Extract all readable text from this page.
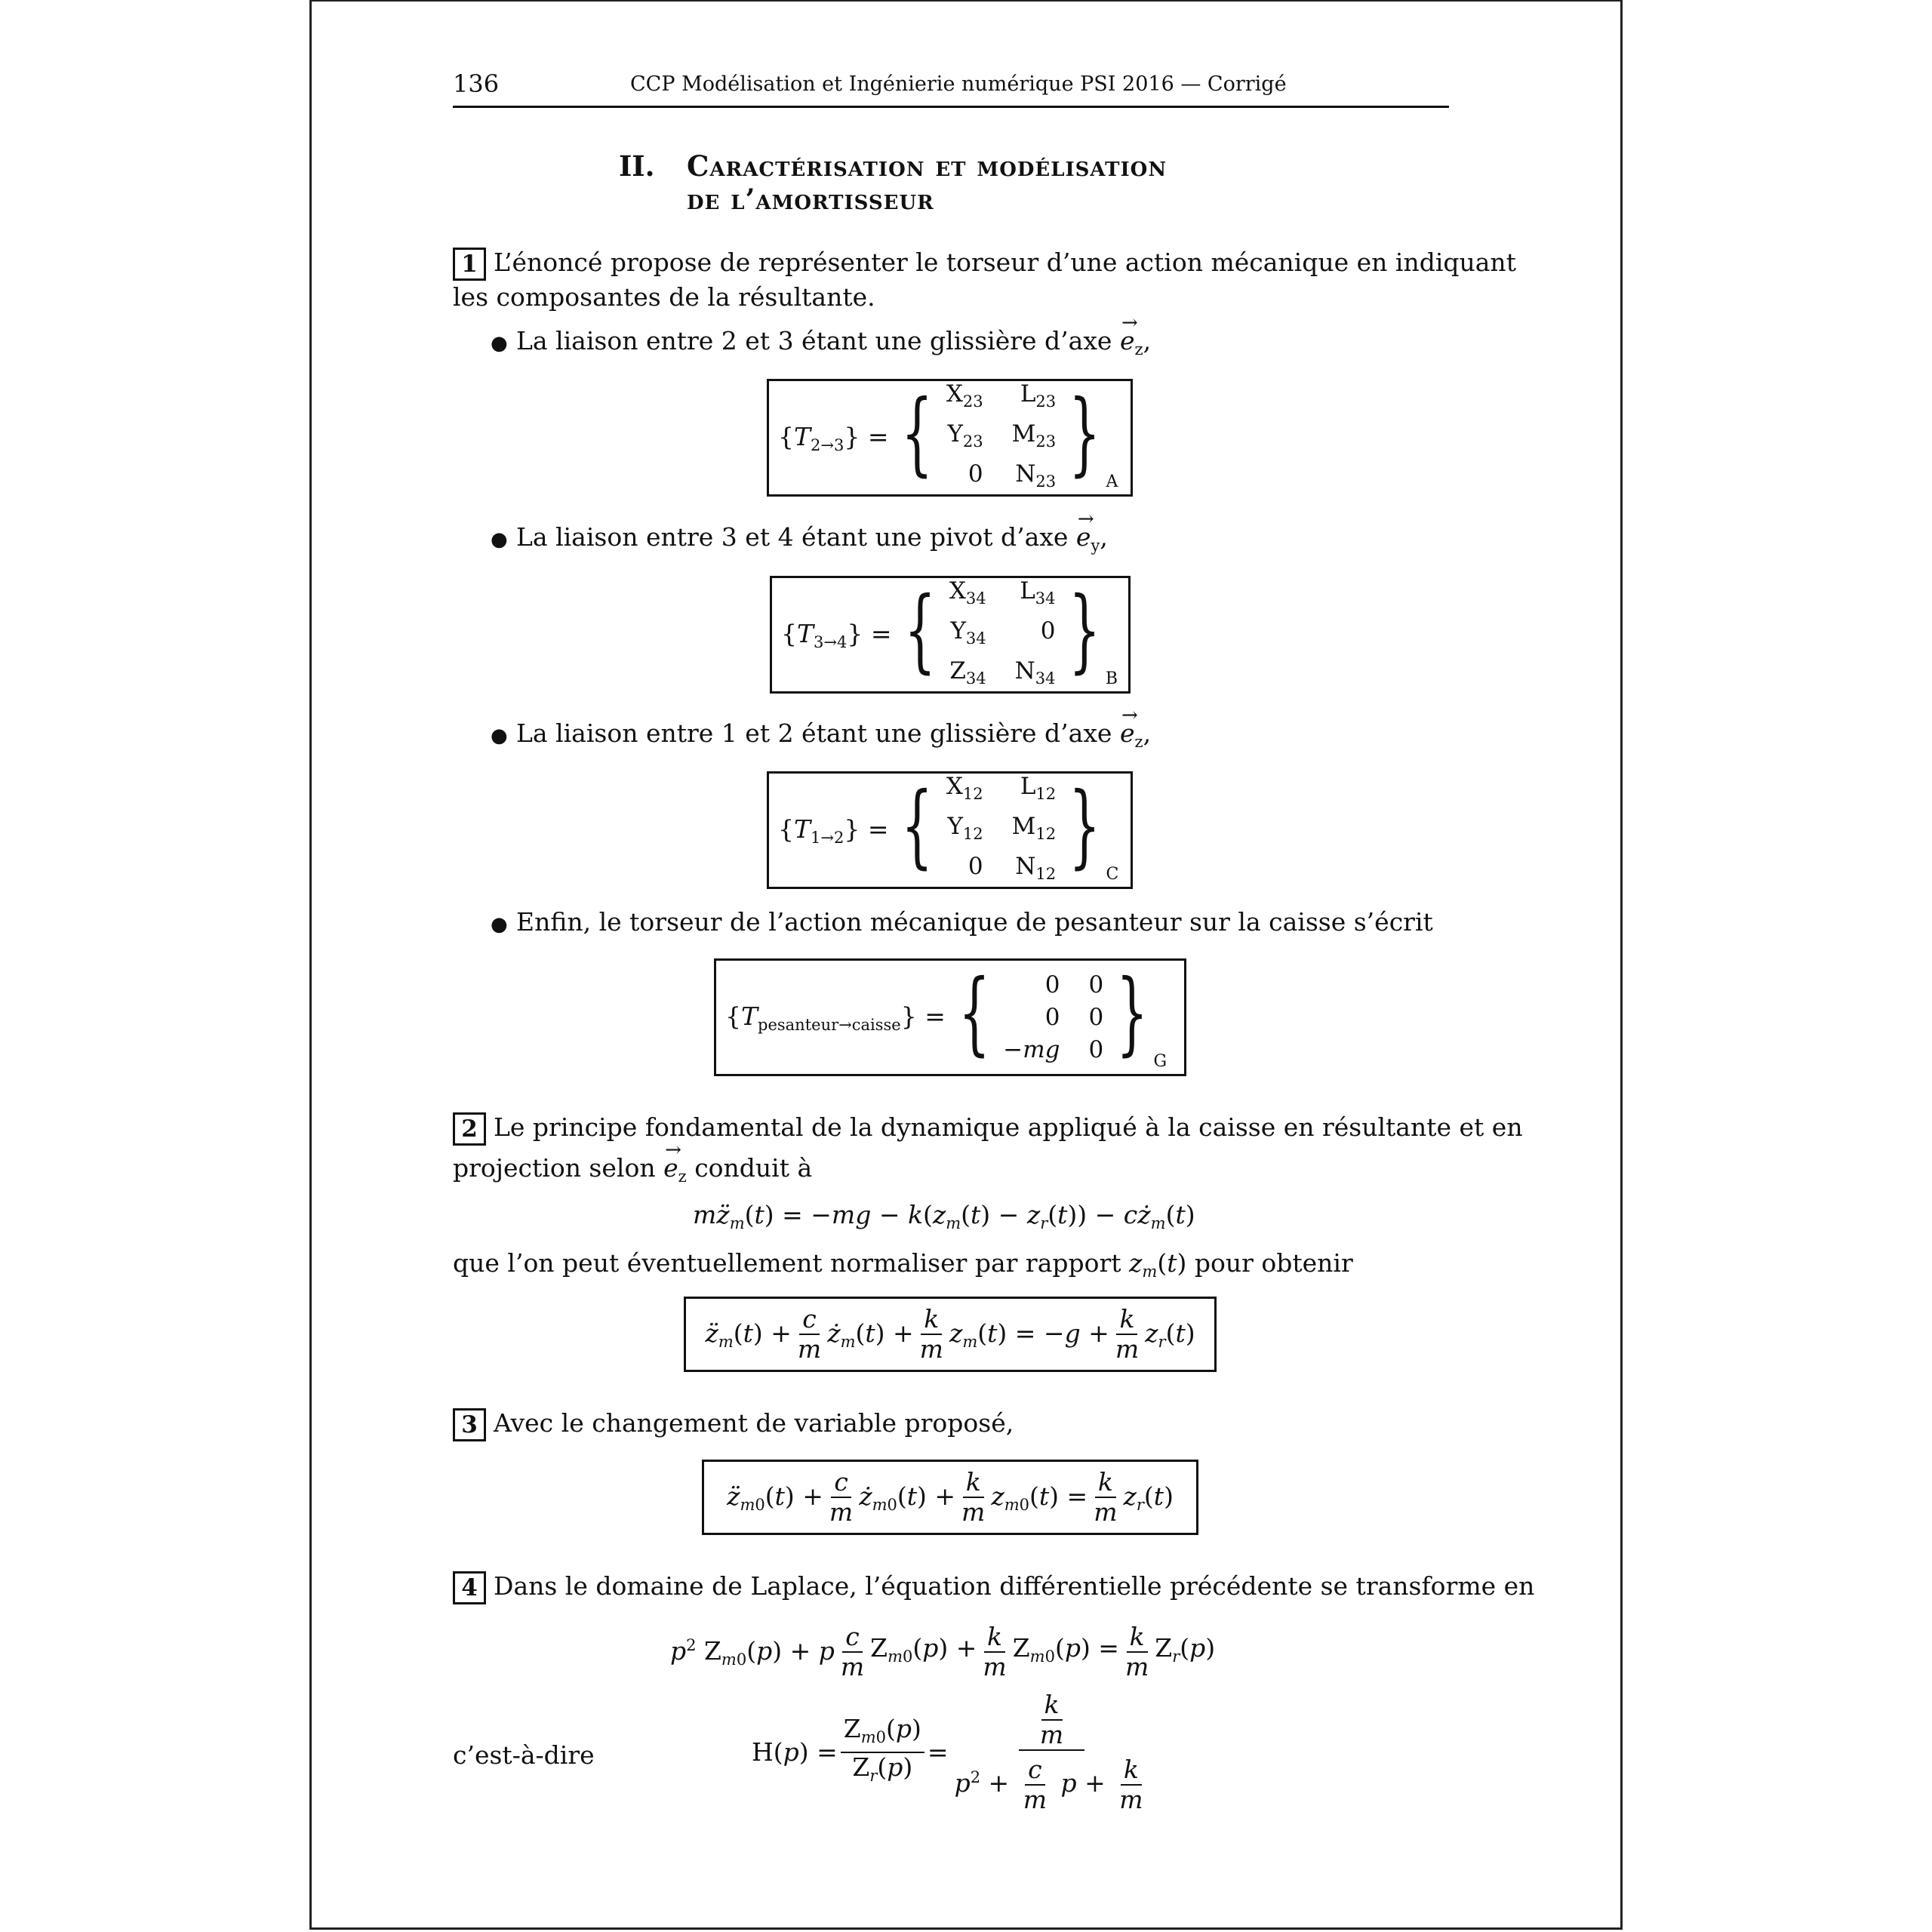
136	CCP Modélisation et Ingénierie numérique PSI 2016 — Corrigé
II. Caractérisation et modélisation
de l’amortisseur
1 L’énoncé propose de représenter le torseur d’une action mécanique en indiquant
les composantes de la résultante.
● La liaison entre 2 et 3 étant une glissière d’axe → $e_z$,
$\{T_{2\to 3}\}$ = { $X_{23}$	$L_{23}$
$Y_{23}$ $M_{23}$
0 $N_{23}$ } A
● La liaison entre 3 et 4 étant une pivot d’axe → $e_y$,
$\{T_{3\to 4}\}$ = { $X_{34}$ $L_{34}$
$Y_{34}$	0
$Z_{34}$ $N_{34}$ } B
● La liaison entre 1 et 2 étant une glissière d’axe → $e_z$,
$\{T_{1\to 2}\}$ = { $X_{12}$	$L_{12}$
$Y_{12}$ $M_{12}$
0 $N_{12}$ } C
● Enfin, le torseur de l’action mécanique de pesanteur sur la caisse s’écrit
$\{T_{pesanteur\to caisse}\}$ = {	0 0
0 0
−mg 0 } G
2 Le principe fondamental de la dynamique appliqué à la caisse en résultante et en
projection selon → $e_z$ conduit à
$mz̈_m(t) = -mg - k(z_m(t) - z_r(t))$ − $cż_m(t)$
que l’on peut éventuellement normaliser par rapport $z_m(t)$ pour obtenir
$z̈_m(t) + \frac{c}{m}$ $ż_m(t) + \frac{k}{m} z_m(t) = -g + \frac{k}{m} z_r(t)$
3 Avec le changement de variable proposé,
$z̈_{m0}(t) + \frac{c}{m}$ $ż_{m0}(t) + \frac{k}{m} z_{m0}(t) = \frac{k}{m} z_r(t)$
4 Dans le domaine de Laplace, l’équation différentielle précédente se transforme en
$p^2$ $Z_{m0}(p) + p \frac{c}{m} Z_{m0}(p) + \frac{k}{m} Z_{m0}(p) = \frac{k}{m} Z_r(p)$
c’est-à-dire	$H(p) = \frac{Z_{m0}(p)}{Z_r(p)} = \frac{\frac{k}{m}}{p^2 + \frac{c}{m} p + \frac{k}{m}}$
